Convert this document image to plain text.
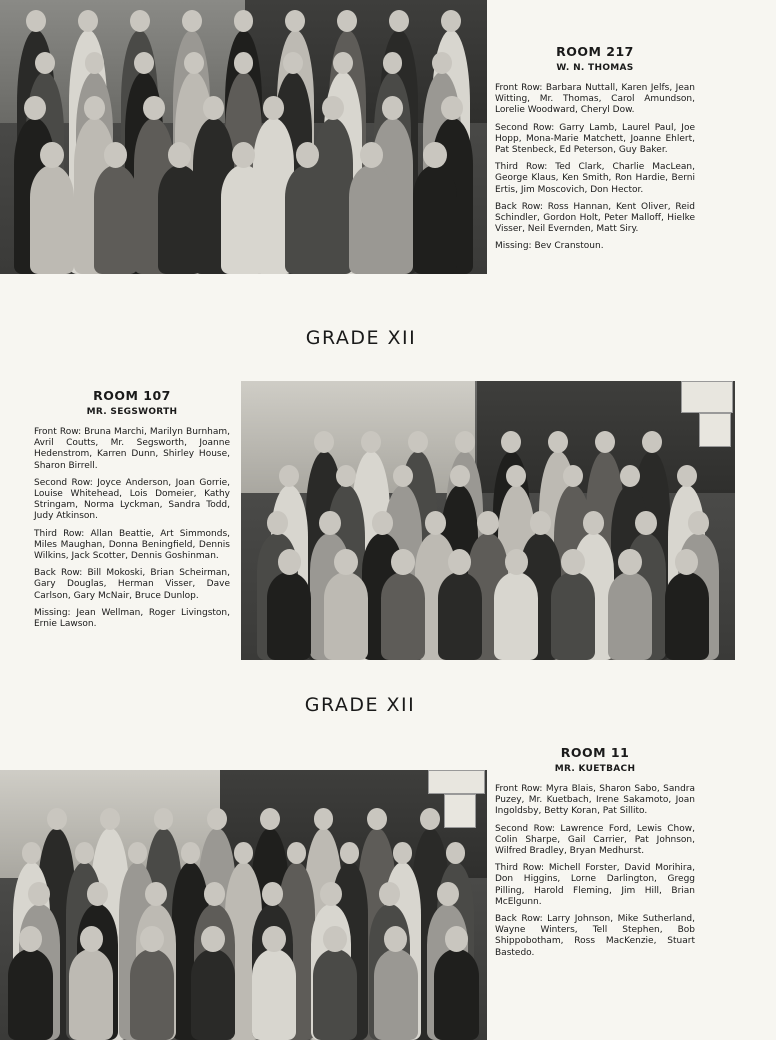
ROOM 217
W. N. THOMAS

Front Row: Barbara Nuttall, Karen Jelfs, Jean Witting, Mr. Thomas, Carol Amundson, Lorelie Woodward, Cheryl Dow.

Second Row: Garry Lamb, Laurel Paul, Joe Hopp, Mona-Marie Matchett, Joanne Ehlert, Pat Stenbeck, Ed Peterson, Guy Baker.

Third Row: Ted Clark, Charlie MacLean, George Klaus, Ken Smith, Ron Hardie, Berni Ertis, Jim Moscovich, Don Hector.

Back Row: Ross Hannan, Kent Oliver, Reid Schindler, Gordon Holt, Peter Malloff, Hielke Visser, Neil Evernden, Matt Siry.

Missing: Bev Cranstoun.

GRADE XII
ROOM 107
MR. SEGSWORTH

Front Row: Bruna Marchi, Marilyn Burnham, Avril Coutts, Mr. Segsworth, Joanne Hedenstrom, Karren Dunn, Shirley House, Sharon Birrell.

Second Row: Joyce Anderson, Joan Gorrie, Louise Whitehead, Lois Domeier, Kathy Stringam, Norma Lyckman, Sandra Todd, Judy Atkinson.

Third Row: Allan Beattie, Art Simmonds, Miles Maughan, Donna Beningfield, Dennis Wilkins, Jack Scotter, Dennis Goshinman.

Back Row: Bill Mokoski, Brian Scheirman, Gary Douglas, Herman Visser, Dave Carlson, Gary McNair, Bruce Dunlop.

Missing: Jean Wellman, Roger Livingston, Ernie Lawson.

GRADE XII
ROOM 11
MR. KUETBACH

Front Row: Myra Blais, Sharon Sabo, Sandra Puzey, Mr. Kuetbach, Irene Sakamoto, Joan Ingoldsby, Betty Koran, Pat Sillito.

Second Row: Lawrence Ford, Lewis Chow, Colin Sharpe, Gail Carrier, Pat Johnson, Wilfred Bradley, Bryan Medhurst.

Third Row: Michell Forster, David Morihira, Don Higgins, Lorne Darlington, Gregg Pilling, Harold Fleming, Jim Hill, Brian McElgunn.

Back Row: Larry Johnson, Mike Sutherland, Wayne Winters, Tell Stephen, Bob Shippobotham, Ross MacKenzie, Stuart Bastedo.
